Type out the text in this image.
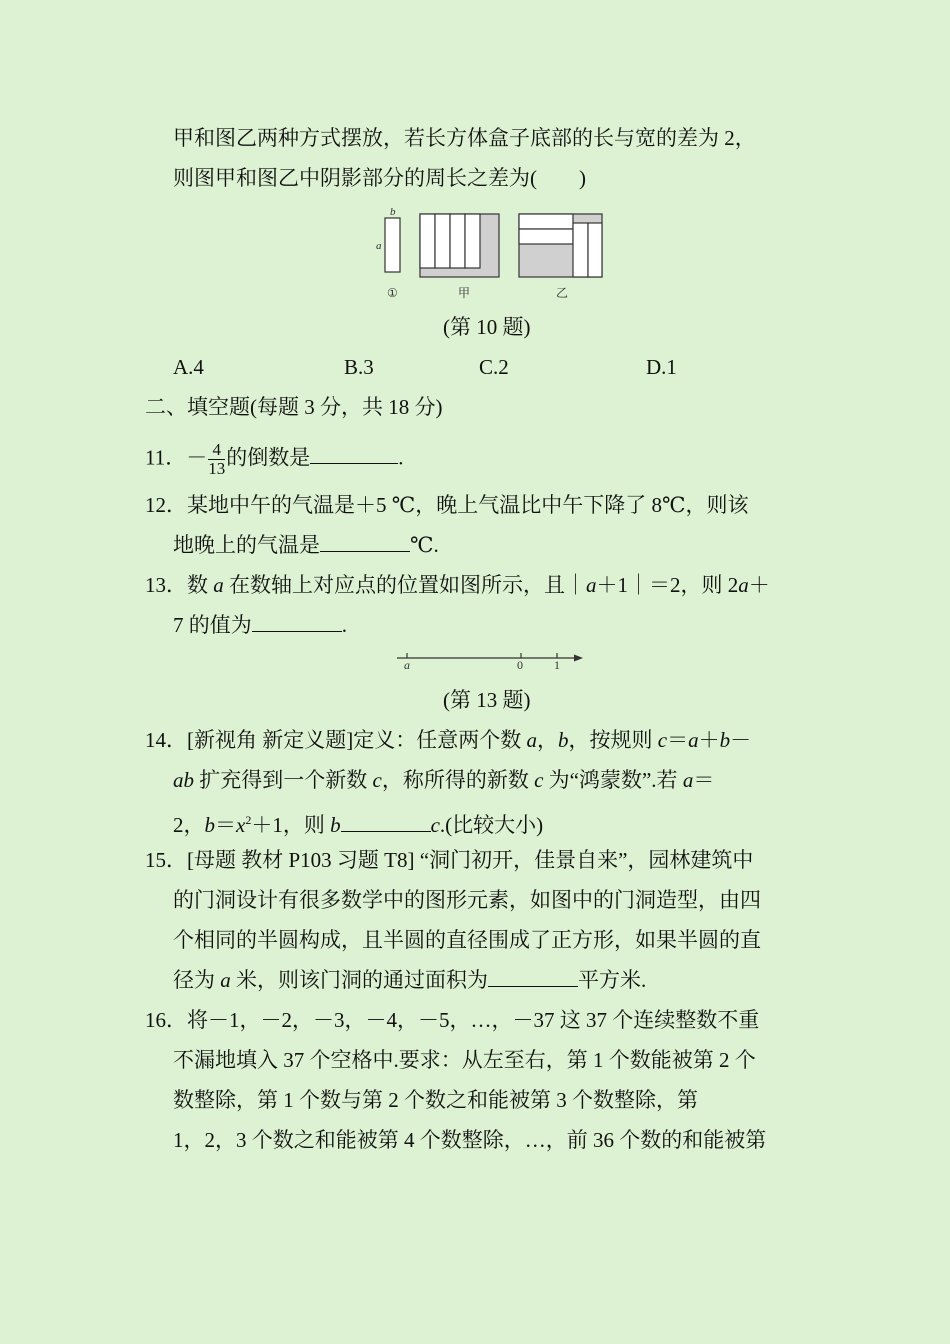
甲和图乙两种方式摆放，若长方体盒子底部的长与宽的差为 2，
则图甲和图乙中阴影部分的周长之差为(　　)
b
a
①	甲	乙
(第 10 题)
A.4	B.3	C.2	D.1
二、填空题(每题 3 分，共 18 分)
11．－ $\frac{4}{13}$ 的倒数是	.
12．某地中午的气温是＋5 ℃，晚上气温比中午下降了 8℃，则该
地晚上的气温是	℃.
13．数 a 在数轴上对应点的位置如图所示，且｜a＋1｜＝2，则 2a＋
7 的值为	.
a	0	1
(第 13 题)
14．[新视角 新定义题]定义：任意两个数 a，b，按规则 c＝a＋b－
ab 扩充得到一个新数 c，称所得的新数 c 为“鸿蒙数”.若 a＝
2，$b=x^2+1$，则 b	c.(比较大小)
15．[母题 教材 P103 习题 T8] “洞门初开，佳景自来”，园林建筑中
的门洞设计有很多数学中的图形元素，如图中的门洞造型，由四
个相同的半圆构成，且半圆的直径围成了正方形，如果半圆的直
径为 a 米，则该门洞的通过面积为	平方米.
16．将－1，－2，－3，－4，－5，…，－37 这 37 个连续整数不重
不漏地填入 37 个空格中.要求：从左至右，第 1 个数能被第 2 个
数整除，第 1 个数与第 2 个数之和能被第 3 个数整除，第
1，2，3 个数之和能被第 4 个数整除，…，前 36 个数的和能被第
